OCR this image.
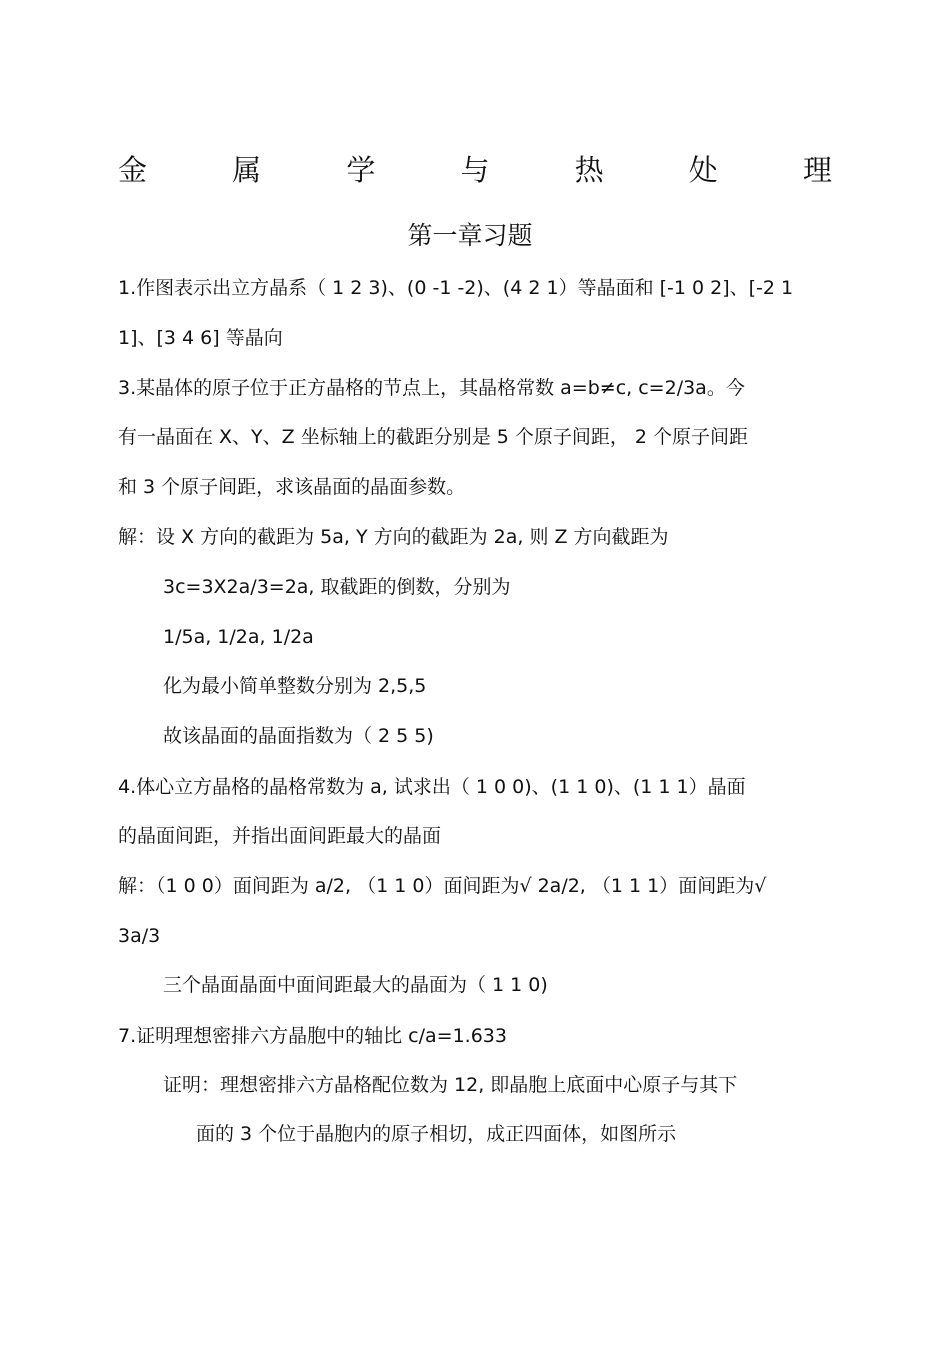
金	属	学	与	热	处	理
第一章习题
1.作图表示出立方晶系（ 1 2 3)、(0 -1 -2)、(4 2 1）等晶面和 [-1 0 2]、[-2 1
1]、[3 4 6] 等晶向
3.某晶体的原子位于正方晶格的节点上，其晶格常数 a=b≠c, c=2/3a。今
有一晶面在 X、Y、Z 坐标轴上的截距分别是 5 个原子间距， 2 个原子间距
和 3 个原子间距，求该晶面的晶面参数。
解：设 X 方向的截距为 5a, Y 方向的截距为 2a, 则 Z 方向截距为
3c=3X2a/3=2a, 取截距的倒数，分别为
1/5a, 1/2a, 1/2a
化为最小简单整数分别为 2,5,5
故该晶面的晶面指数为（ 2 5 5)
4.体心立方晶格的晶格常数为 a, 试求出（ 1 0 0)、(1 1 0)、(1 1 1）晶面
的晶面间距，并指出面间距最大的晶面
解：（1 0 0）面间距为 a/2, （1 1 0）面间距为√ 2a/2, （1 1 1）面间距为√
3a/3
三个晶面晶面中面间距最大的晶面为（ 1 1 0)
7.证明理想密排六方晶胞中的轴比 c/a=1.633
证明：理想密排六方晶格配位数为 12, 即晶胞上底面中心原子与其下
面的 3 个位于晶胞内的原子相切，成正四面体，如图所示
